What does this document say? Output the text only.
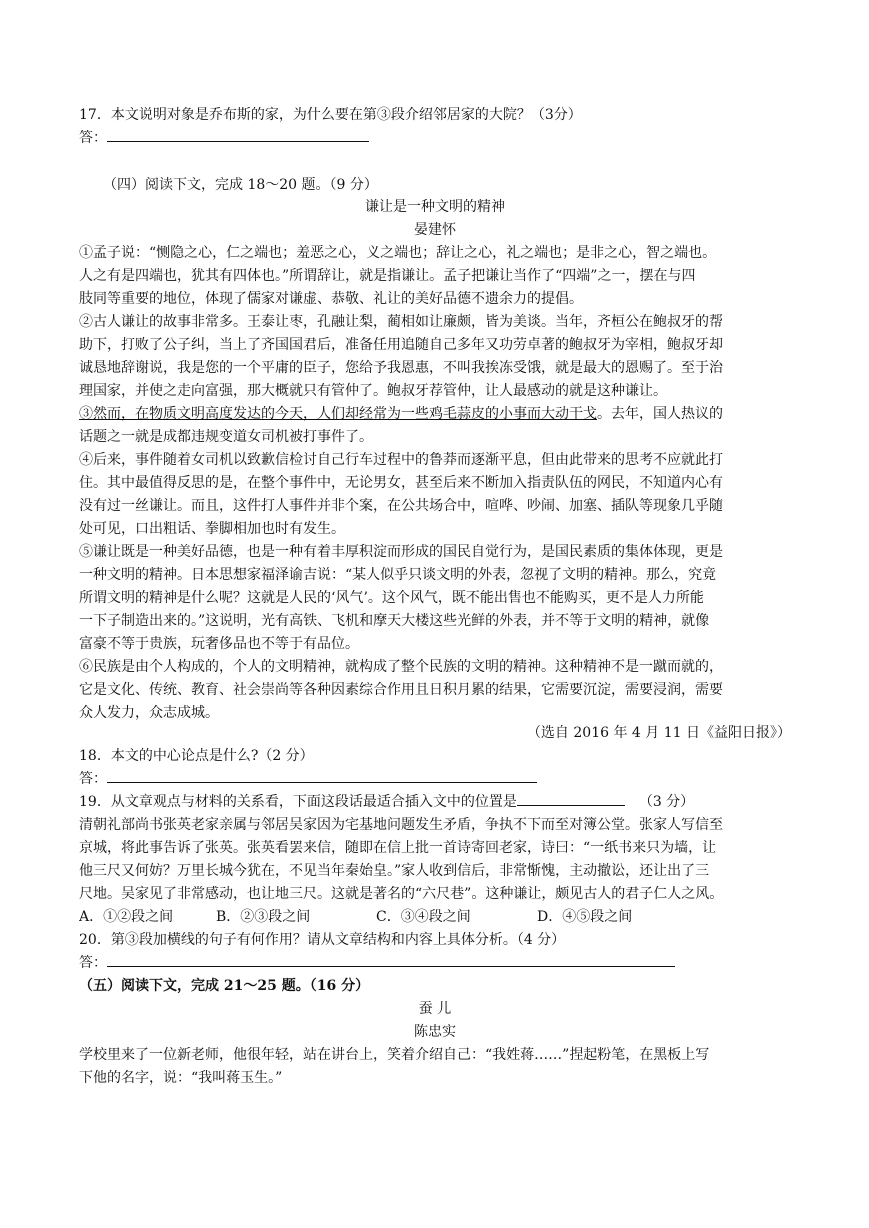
17．本文说明对象是乔布斯的家，为什么要在第③段介绍邻居家的大院？（3分）
答：
（四）阅读下文，完成 18～20 题。（9 分）
谦让是一种文明的精神
晏建怀
①孟子说：“恻隐之心，仁之端也；羞恶之心，义之端也；辞让之心，礼之端也；是非之心，智之端也。
人之有是四端也，犹其有四体也。”所谓辞让，就是指谦让。孟子把谦让当作了“四端”之一，摆在与四
肢同等重要的地位，体现了儒家对谦虚、恭敬、礼让的美好品德不遗余力的提倡。
②古人谦让的故事非常多。王泰让枣，孔融让梨，蔺相如让廉颇，皆为美谈。当年，齐桓公在鲍叔牙的帮
助下，打败了公子纠，当上了齐国国君后，准备任用追随自己多年又功劳卓著的鲍叔牙为宰相，鲍叔牙却
诚恳地辞谢说，我是您的一个平庸的臣子，您给予我恩惠，不叫我挨冻受饿，就是最大的恩赐了。至于治
理国家，并使之走向富强，那大概就只有管仲了。鲍叔牙荐管仲，让人最感动的就是这种谦让。
③然而，在物质文明高度发达的今天，人们却经常为一些鸡毛蒜皮的小事而大动干戈。去年，国人热议的
话题之一就是成都违规变道女司机被打事件了。
④后来，事件随着女司机以致歉信检讨自己行车过程中的鲁莽而逐渐平息，但由此带来的思考不应就此打
住。其中最值得反思的是，在整个事件中，无论男女，甚至后来不断加入指责队伍的网民，不知道内心有
没有过一丝谦让。而且，这件打人事件并非个案，在公共场合中，喧哗、吵闹、加塞、插队等现象几乎随
处可见，口出粗话、拳脚相加也时有发生。
⑤谦让既是一种美好品德，也是一种有着丰厚积淀而形成的国民自觉行为，是国民素质的集体体现，更是
一种文明的精神。日本思想家福泽谕吉说：“某人似乎只谈文明的外表，忽视了文明的精神。那么，究竟
所谓文明的精神是什么呢？这就是人民的‘风气’。这个风气，既不能出售也不能购买，更不是人力所能
一下子制造出来的。”这说明，光有高铁、飞机和摩天大楼这些光鲜的外表，并不等于文明的精神，就像
富豪不等于贵族，玩奢侈品也不等于有品位。
⑥民族是由个人构成的，个人的文明精神，就构成了整个民族的文明的精神。这种精神不是一蹴而就的，
它是文化、传统、教育、社会崇尚等各种因素综合作用且日积月累的结果，它需要沉淀，需要浸润，需要
众人发力，众志成城。
（选自 2016 年 4 月 11 日《益阳日报》）
18．本文的中心论点是什么?（2 分）
答：
19．从文章观点与材料的关系看，下面这段话最适合插入文中的位置是	（3 分）
清朝礼部尚书张英老家亲属与邻居吴家因为宅基地问题发生矛盾，争执不下而至对簿公堂。张家人写信至
京城，将此事告诉了张英。张英看罢来信，随即在信上批一首诗寄回老家，诗曰：“一纸书来只为墙，让
他三尺又何妨？万里长城今犹在，不见当年秦始皇。”家人收到信后，非常惭愧，主动撤讼，还让出了三
尺地。吴家见了非常感动，也让地三尺。这就是著名的“六尺巷”。这种谦让，颇见古人的君子仁人之风。
A．①②段之间	B．②③段之间	C．③④段之间	D．④⑤段之间
20．第③段加横线的句子有何作用？请从文章结构和内容上具体分析。（4 分）
答：
（五）阅读下文，完成 21～25 题。（16 分）
蚕 儿
陈忠实
学校里来了一位新老师，他很年轻，站在讲台上，笑着介绍自己：“我姓蒋……”捏起粉笔，在黑板上写
下他的名字，说：“我叫蒋玉生。”
